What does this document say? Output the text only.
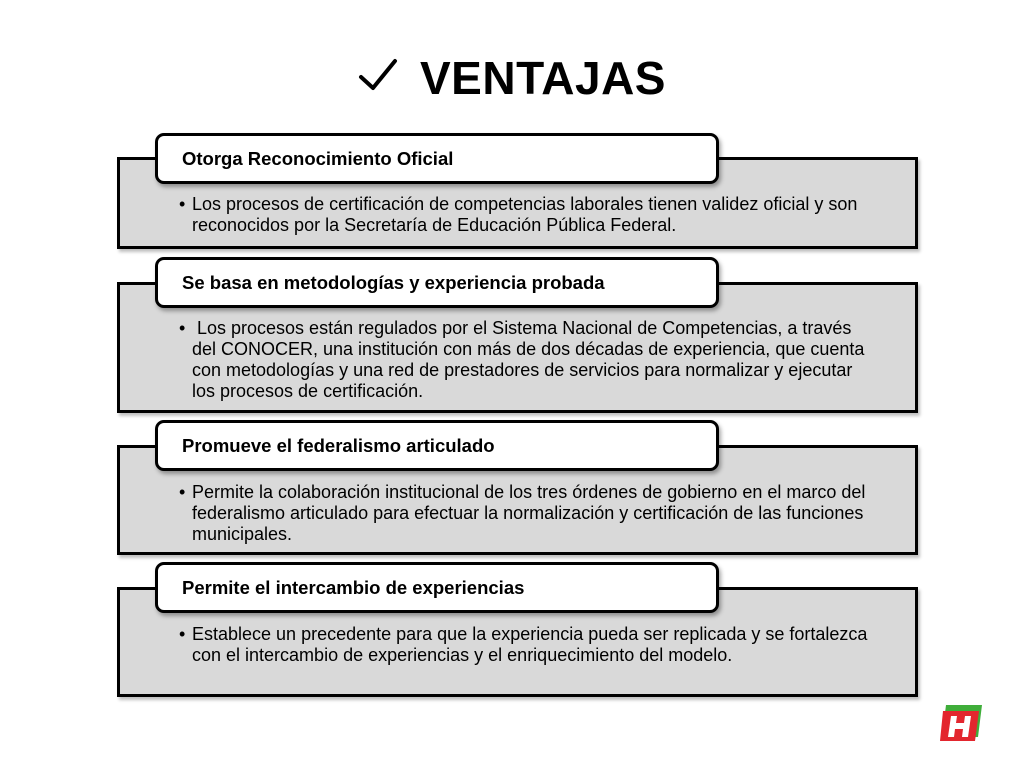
VENTAJAS
Otorga Reconocimiento Oficial

• Los procesos de certificación de competencias laborales tienen validez oficial y son reconocidos por la Secretaría de Educación Pública Federal.

Se basa en metodologías y experiencia probada

• Los procesos están regulados por el Sistema Nacional de Competencias, a través del CONOCER, una institución con más de dos décadas de experiencia, que cuenta con metodologías y una red de prestadores de servicios para normalizar y ejecutar los procesos de certificación.

Promueve el federalismo articulado

• Permite la colaboración institucional de los tres órdenes de gobierno en el marco del federalismo articulado para efectuar la normalización y certificación de las funciones municipales.

Permite el intercambio de experiencias

• Establece un precedente para que la experiencia pueda ser replicada y se fortalezca con el intercambio de experiencias y el enriquecimiento del modelo.
